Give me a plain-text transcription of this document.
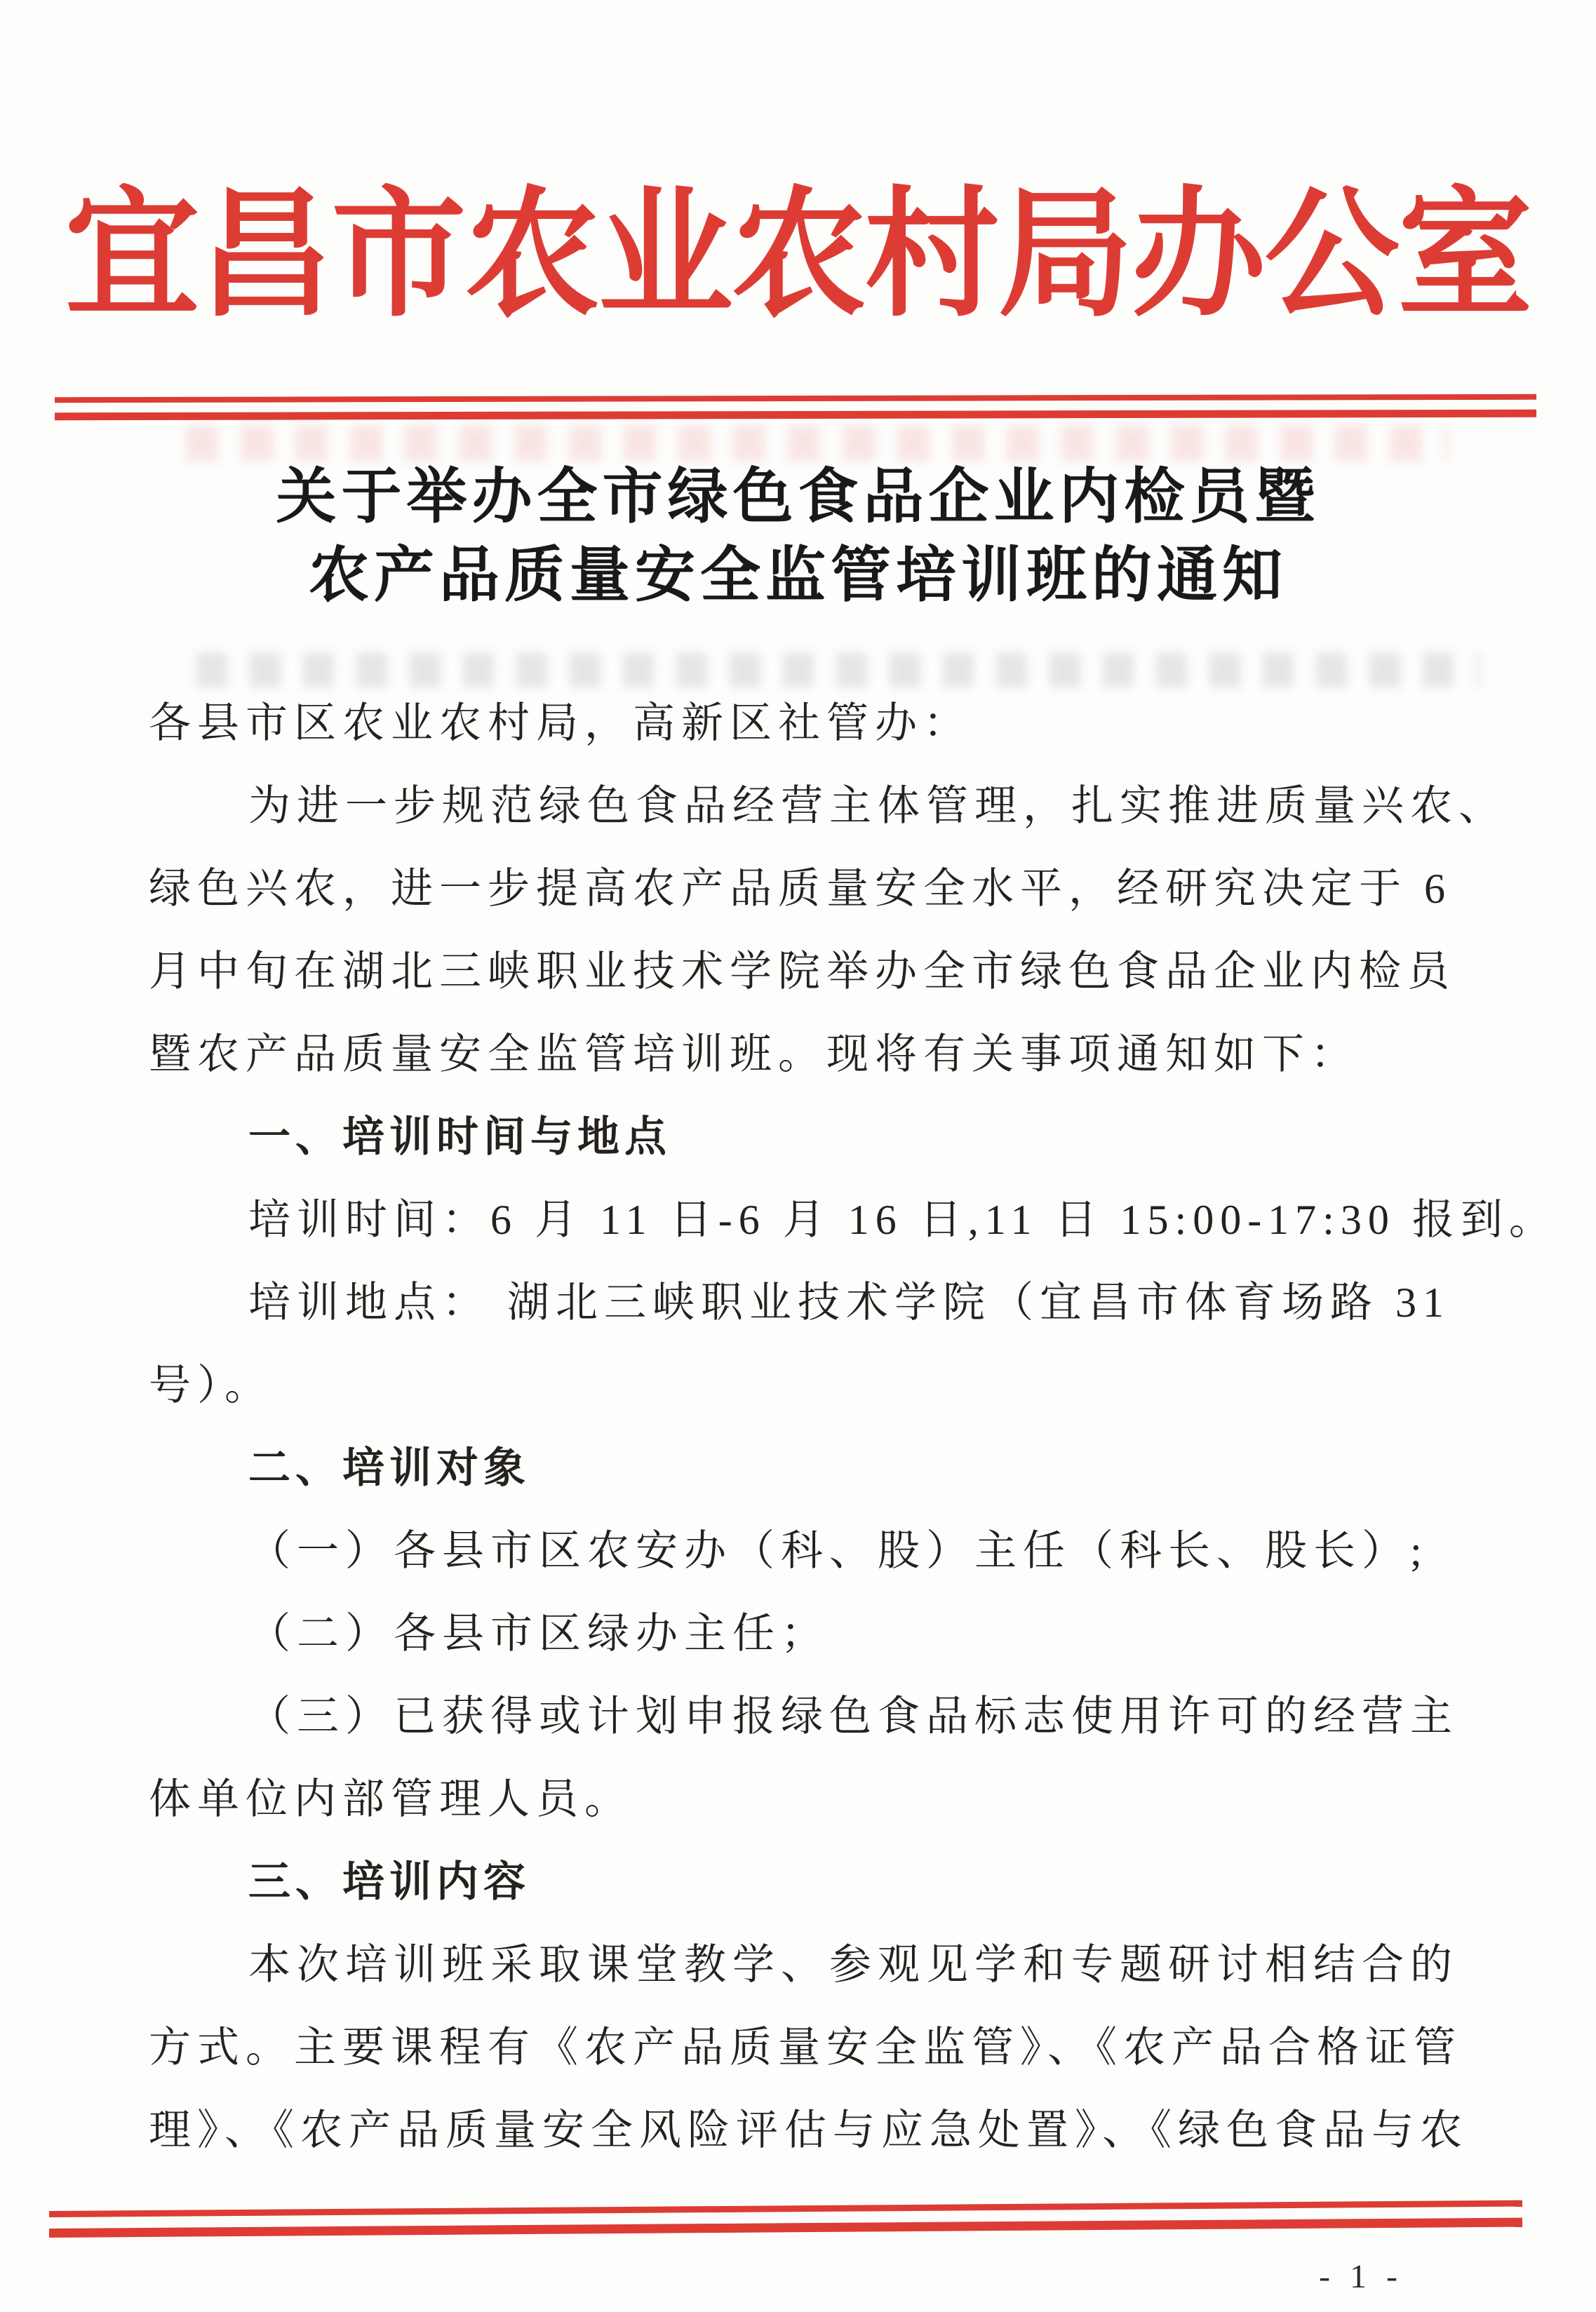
宜昌市农业农村局办公室
关于举办全市绿色食品企业内检员暨
农产品质量安全监管培训班的通知

各县市区农业农村局，高新区社管办：

为进一步规范绿色食品经营主体管理，扎实推进质量兴农、

绿色兴农，进一步提高农产品质量安全水平，经研究决定于 6

月中旬在湖北三峡职业技术学院举办全市绿色食品企业内检员

暨农产品质量安全监管培训班。现将有关事项通知如下：

一、培训时间与地点

培训时间：6 月 11 日-6 月 16 日,11 日 15:00-17:30 报到。

培训地点： 湖北三峡职业技术学院（宜昌市体育场路 31

号）。

二、培训对象

（一）各县市区农安办（科、股）主任（科长、股长）;

（二）各县市区绿办主任；

（三）已获得或计划申报绿色食品标志使用许可的经营主

体单位内部管理人员。

三、培训内容

本次培训班采取课堂教学、参观见学和专题研讨相结合的

方式。主要课程有《农产品质量安全监管》、《农产品合格证管

理》、《农产品质量安全风险评估与应急处置》、《绿色食品与农

- 1 -
